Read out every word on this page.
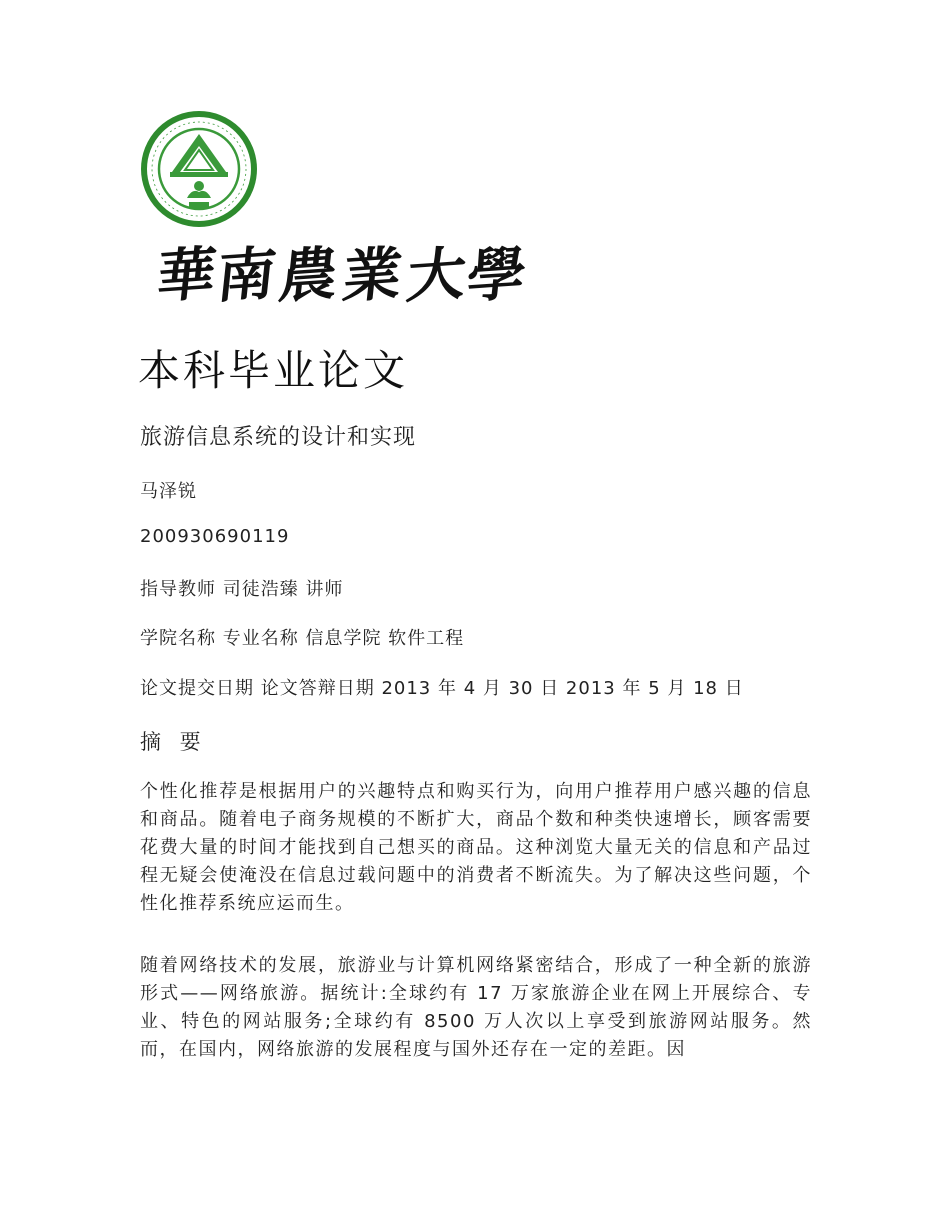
華
南
農
業
大
學
本科毕业论文
旅游信息系统的设计和实现
马泽锐
200930690119
指导教师 司徒浩臻 讲师
学院名称 专业名称 信息学院 软件工程
论文提交日期 论文答辩日期 2013 年 4 月 30 日 2013 年 5 月 18 日
摘 要

个性化推荐是根据用户的兴趣特点和购买行为，向用户推荐用户感兴趣的信息和商品。随着电子商务规模的不断扩大，商品个数和种类快速增长，顾客需要花费大量的时间才能找到自己想买的商品。这种浏览大量无关的信息和产品过程无疑会使淹没在信息过载问题中的消费者不断流失。为了解决这些问题，个性化推荐系统应运而生。

随着网络技术的发展，旅游业与计算机网络紧密结合，形成了一种全新的旅游形式——网络旅游。据统计:全球约有 17 万家旅游企业在网上开展综合、专业、特色的网站服务;全球约有 8500 万人次以上享受到旅游网站服务。然而，在国内，网络旅游的发展程度与国外还存在一定的差距。因
